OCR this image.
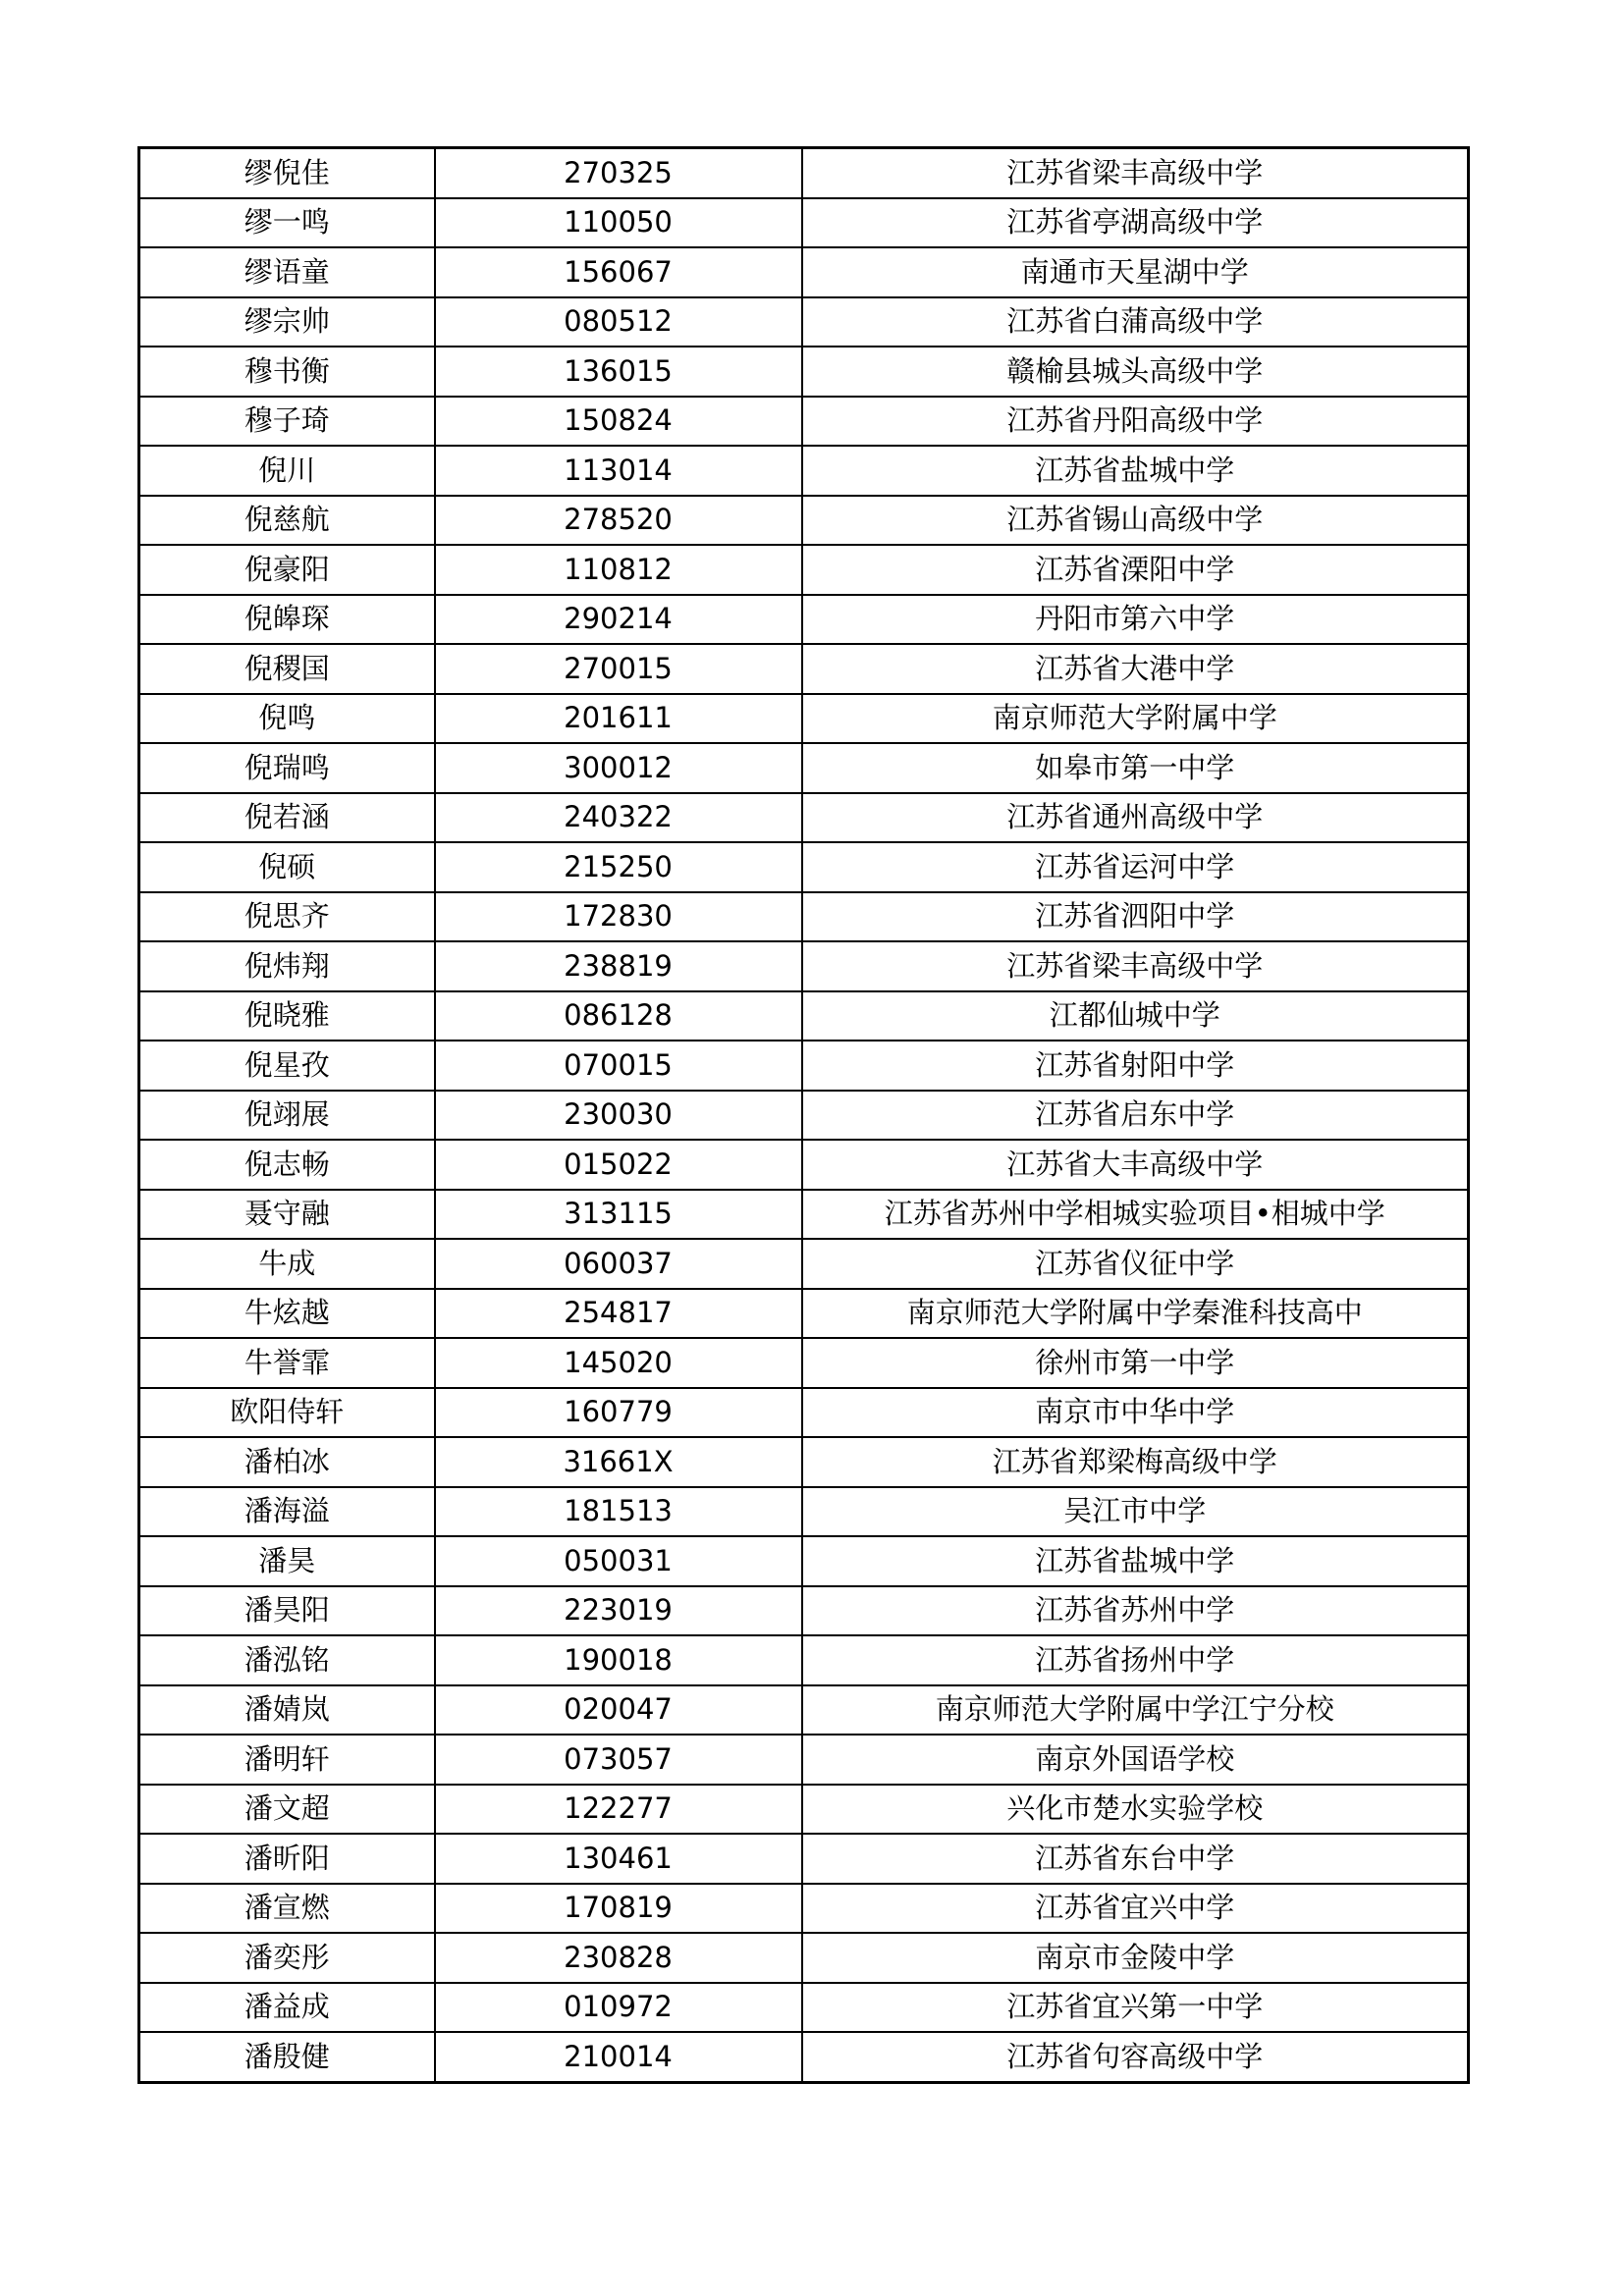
缪倪佳	270325	江苏省梁丰高级中学
缪一鸣	110050	江苏省亭湖高级中学
缪语童	156067	南通市天星湖中学
缪宗帅	080512	江苏省白蒲高级中学
穆书衡	136015	赣榆县城头高级中学
穆子琦	150824	江苏省丹阳高级中学
倪川	113014	江苏省盐城中学
倪慈航	278520	江苏省锡山高级中学
倪豪阳	110812	江苏省溧阳中学
倪皞琛	290214	丹阳市第六中学
倪稷国	270015	江苏省大港中学
倪鸣	201611	南京师范大学附属中学
倪瑞鸣	300012	如皋市第一中学
倪若涵	240322	江苏省通州高级中学
倪硕	215250	江苏省运河中学
倪思齐	172830	江苏省泗阳中学
倪炜翔	238819	江苏省梁丰高级中学
倪晓雅	086128	江都仙城中学
倪星孜	070015	江苏省射阳中学
倪翊展	230030	江苏省启东中学
倪志畅	015022	江苏省大丰高级中学
聂守融	313115	江苏省苏州中学相城实验项目•相城中学
牛成	060037	江苏省仪征中学
牛炫越	254817	南京师范大学附属中学秦淮科技高中
牛誉霏	145020	徐州市第一中学
欧阳侍轩	160779	南京市中华中学
潘柏冰	31661X	江苏省郑梁梅高级中学
潘海溢	181513	吴江市中学
潘昊	050031	江苏省盐城中学
潘昊阳	223019	江苏省苏州中学
潘泓铭	190018	江苏省扬州中学
潘婧岚	020047	南京师范大学附属中学江宁分校
潘明轩	073057	南京外国语学校
潘文超	122277	兴化市楚水实验学校
潘昕阳	130461	江苏省东台中学
潘宣燃	170819	江苏省宜兴中学
潘奕彤	230828	南京市金陵中学
潘益成	010972	江苏省宜兴第一中学
潘殷健	210014	江苏省句容高级中学
